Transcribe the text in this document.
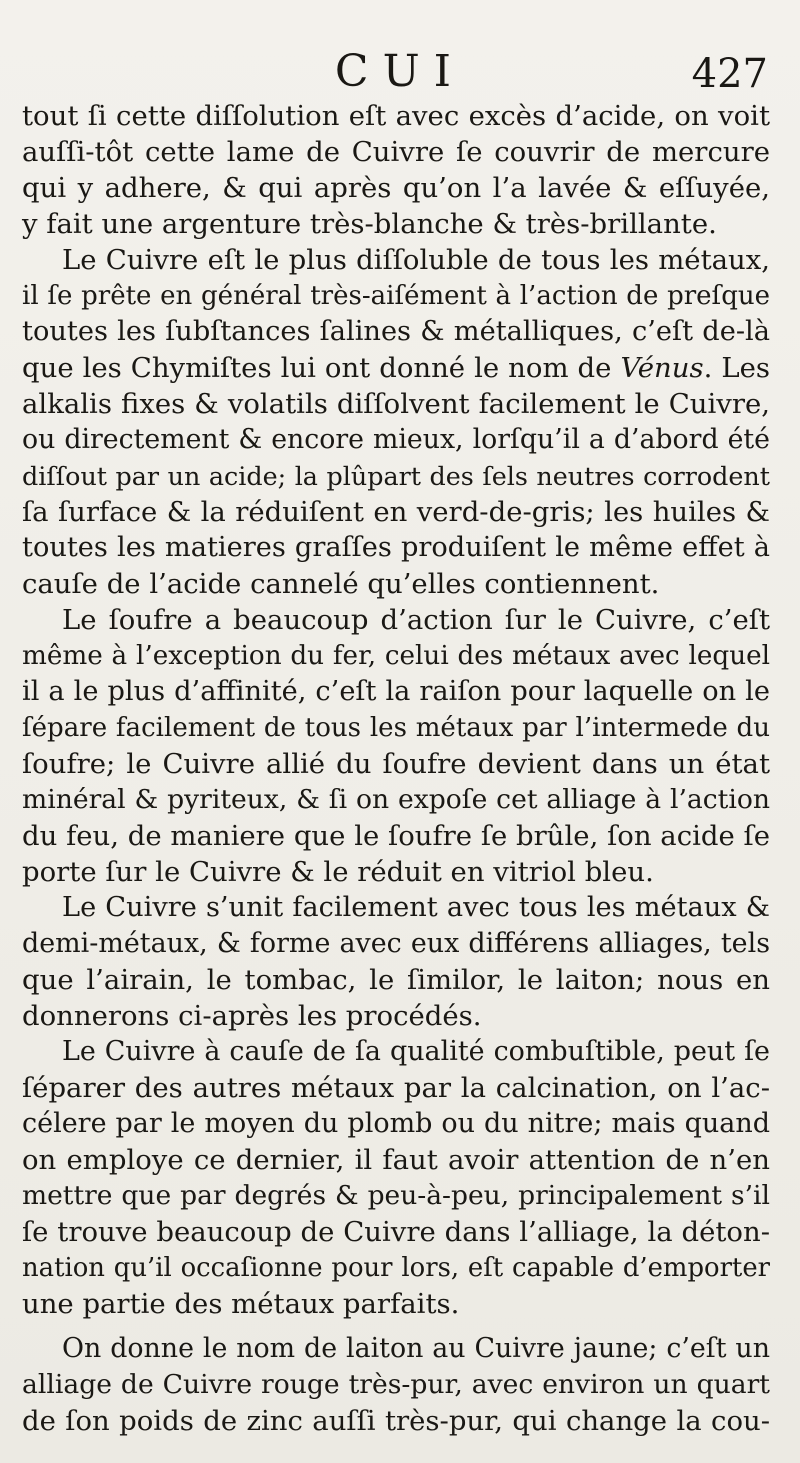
CUI	427
tout ſi cette diſſolution eſt avec excès d’acide, on voit
auſſi-tôt cette lame de Cuivre ſe couvrir de mercure
qui y adhere, & qui après qu’on l’a lavée & eſſuyée,
y fait une argenture très-blanche & très-brillante.
Le Cuivre eſt le plus diſſoluble de tous les métaux,
il ſe prête en général très-aiſément à l’action de preſque
toutes les ſubſtances ſalines & métalliques, c’eſt de-là
que les Chymiſtes lui ont donné le nom de Vénus. Les
alkalis fixes & volatils diſſolvent facilement le Cuivre,
ou directement & encore mieux, lorſqu’il a d’abord été
diſſout par un acide; la plûpart des ſels neutres corrodent
ſa ſurface & la réduiſent en verd-de-gris; les huiles &
toutes les matieres graſſes produiſent le même effet à
cauſe de l’acide cannelé qu’elles contiennent.
Le ſoufre a beaucoup d’action ſur le Cuivre, c’eſt
même à l’exception du fer, celui des métaux avec lequel
il a le plus d’affinité, c’eſt la raiſon pour laquelle on le
ſépare facilement de tous les métaux par l’intermede du
ſoufre; le Cuivre allié du ſoufre devient dans un état
minéral & pyriteux, & ſi on expoſe cet alliage à l’action
du feu, de maniere que le ſoufre ſe brûle, ſon acide ſe
porte ſur le Cuivre & le réduit en vitriol bleu.
Le Cuivre s’unit facilement avec tous les métaux &
demi-métaux, & forme avec eux différens alliages, tels
que l’airain, le tombac, le ſimilor, le laiton; nous en
donnerons ci-après les procédés.
Le Cuivre à cauſe de ſa qualité combuſtible, peut ſe
ſéparer des autres métaux par la calcination, on l’ac-
célere par le moyen du plomb ou du nitre; mais quand
on employe ce dernier, il faut avoir attention de n’en
mettre que par degrés & peu-à-peu, principalement s’il
ſe trouve beaucoup de Cuivre dans l’alliage, la déton-
nation qu’il occaſionne pour lors, eſt capable d’emporter
une partie des métaux parfaits.
On donne le nom de laiton au Cuivre jaune; c’eſt un
alliage de Cuivre rouge très-pur, avec environ un quart
de ſon poids de zinc auſſi très-pur, qui change la cou-
